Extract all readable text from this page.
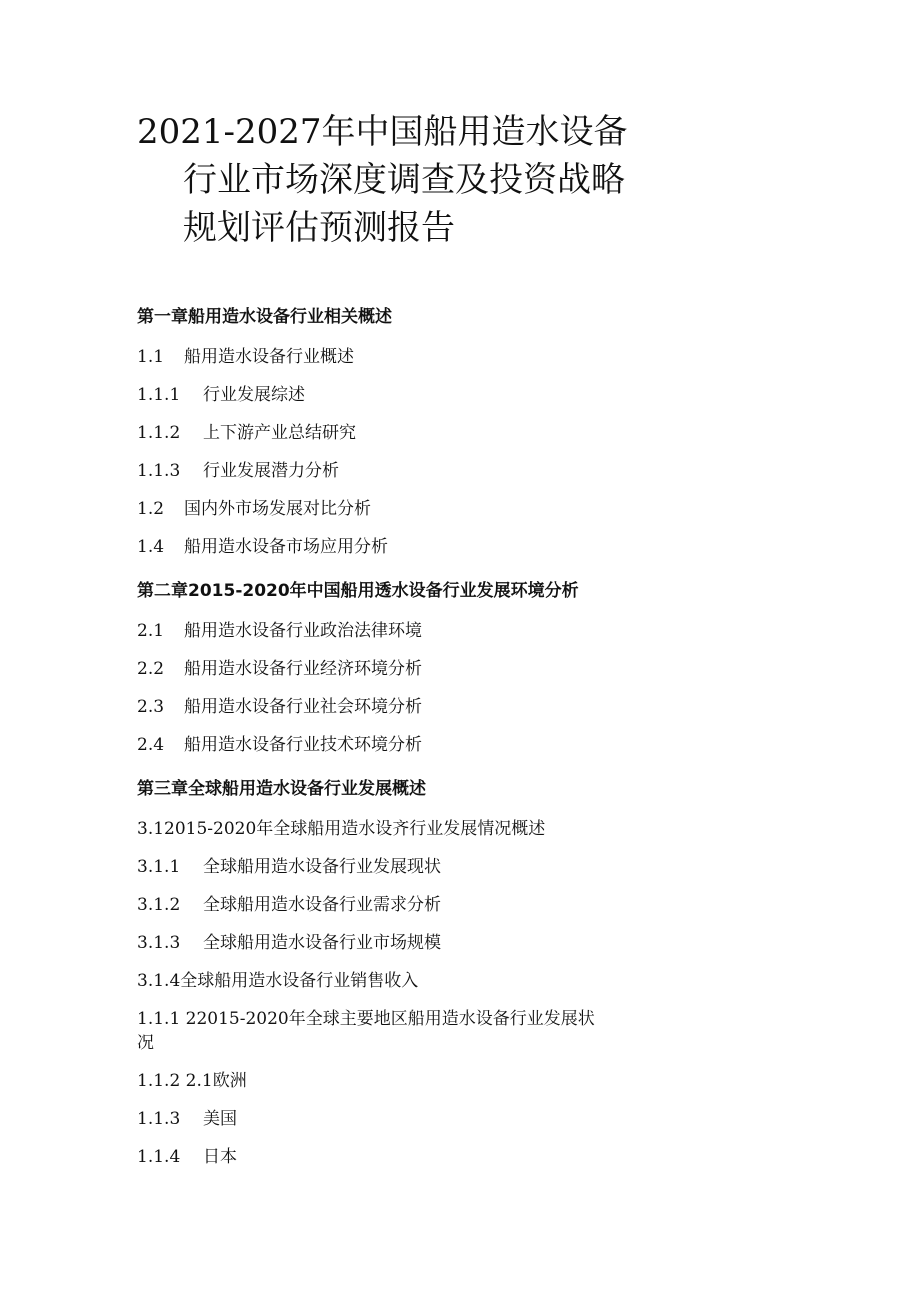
2021-2027年中国船用造水设备
行业市场深度调查及投资战略
规划评估预测报告
第一章船用造水设备行业相关概述
1.1 船用造水设备行业概述
1.1.1 行业发展综述
1.1.2 上下游产业总结研究
1.1.3 行业发展潜力分析
1.2 国内外市场发展对比分析
1.4 船用造水设备市场应用分析
第二章2015-2020年中国船用透水设备行业发展环境分析
2.1 船用造水设备行业政治法律环境
2.2 船用造水设备行业经济环境分析
2.3 船用造水设备行业社会环境分析
2.4 船用造水设备行业技术环境分析
第三章全球船用造水设备行业发展概述
3.12015-2020年全球船用造水设齐行业发展情况概述
3.1.1 全球船用造水设备行业发展现状
3.1.2 全球船用造水设备行业需求分析
3.1.3 全球船用造水设备行业市场规模
3.1.4全球船用造水设备行业销售收入
1.1.1 22015-2020年全球主要地区船用造水设备行业发展状
况
1.1.2 2.1欧洲
1.1.3 美国
1.1.4 日本
